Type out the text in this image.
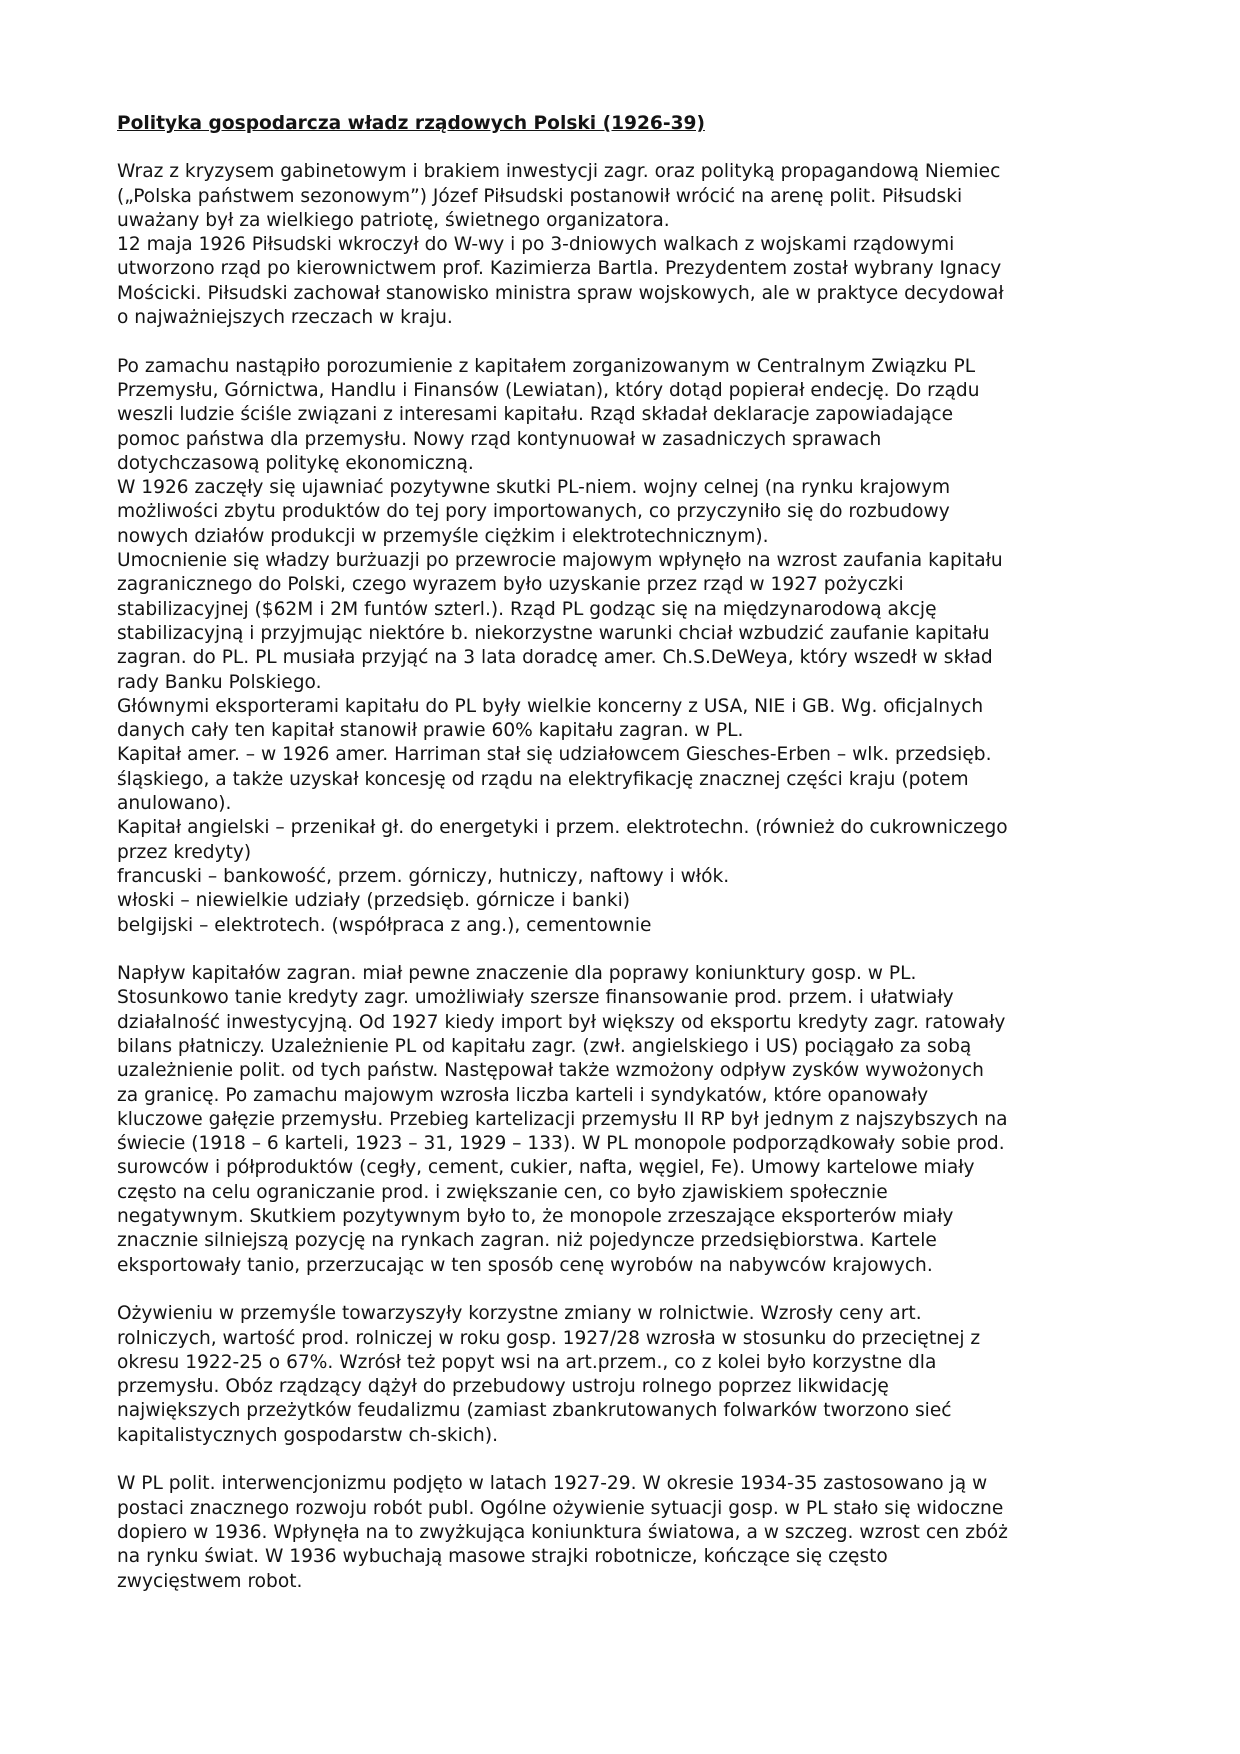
Polityka gospodarcza władz rządowych Polski (1926-39)
Wraz z kryzysem gabinetowym i brakiem inwestycji zagr. oraz polityką propagandową Niemiec
(„Polska państwem sezonowym”) Józef Piłsudski postanowił wrócić na arenę polit. Piłsudski
uważany był za wielkiego patriotę, świetnego organizatora.
12 maja 1926 Piłsudski wkroczył do W-wy i po 3-dniowych walkach z wojskami rządowymi
utworzono rząd po kierownictwem prof. Kazimierza Bartla. Prezydentem został wybrany Ignacy
Mościcki. Piłsudski zachował stanowisko ministra spraw wojskowych, ale w praktyce decydował
o najważniejszych rzeczach w kraju.
Po zamachu nastąpiło porozumienie z kapitałem zorganizowanym w Centralnym Związku PL
Przemysłu, Górnictwa, Handlu i Finansów (Lewiatan), który dotąd popierał endecję. Do rządu
weszli ludzie ściśle związani z interesami kapitału. Rząd składał deklaracje zapowiadające
pomoc państwa dla przemysłu. Nowy rząd kontynuował w zasadniczych sprawach
dotychczasową politykę ekonomiczną.
W 1926 zaczęły się ujawniać pozytywne skutki PL-niem. wojny celnej (na rynku krajowym
możliwości zbytu produktów do tej pory importowanych, co przyczyniło się do rozbudowy
nowych działów produkcji w przemyśle ciężkim i elektrotechnicznym).
Umocnienie się władzy burżuazji po przewrocie majowym wpłynęło na wzrost zaufania kapitału
zagranicznego do Polski, czego wyrazem było uzyskanie przez rząd w 1927 pożyczki
stabilizacyjnej ($62M i 2M funtów szterl.). Rząd PL godząc się na międzynarodową akcję
stabilizacyjną i przyjmując niektóre b. niekorzystne warunki chciał wzbudzić zaufanie kapitału
zagran. do PL. PL musiała przyjąć na 3 lata doradcę amer. Ch.S.DeWeya, który wszedł w skład
rady Banku Polskiego.
Głównymi eksporterami kapitału do PL były wielkie koncerny z USA, NIE i GB. Wg. oficjalnych
danych cały ten kapitał stanowił prawie 60% kapitału zagran. w PL.
Kapitał amer. – w 1926 amer. Harriman stał się udziałowcem Giesches-Erben – wlk. przedsięb.
śląskiego, a także uzyskał koncesję od rządu na elektryfikację znacznej części kraju (potem
anulowano).
Kapitał angielski – przenikał gł. do energetyki i przem. elektrotechn. (również do cukrowniczego
przez kredyty)
francuski – bankowość, przem. górniczy, hutniczy, naftowy i włók.
włoski – niewielkie udziały (przedsięb. górnicze i banki)
belgijski – elektrotech. (współpraca z ang.), cementownie
Napływ kapitałów zagran. miał pewne znaczenie dla poprawy koniunktury gosp. w PL.
Stosunkowo tanie kredyty zagr. umożliwiały szersze finansowanie prod. przem. i ułatwiały
działalność inwestycyjną. Od 1927 kiedy import był większy od eksportu kredyty zagr. ratowały
bilans płatniczy. Uzależnienie PL od kapitału zagr. (zwł. angielskiego i US) pociągało za sobą
uzależnienie polit. od tych państw. Następował także wzmożony odpływ zysków wywożonych
za granicę. Po zamachu majowym wzrosła liczba karteli i syndykatów, które opanowały
kluczowe gałęzie przemysłu. Przebieg kartelizacji przemysłu II RP był jednym z najszybszych na
świecie (1918 – 6 karteli, 1923 – 31, 1929 – 133). W PL monopole podporządkowały sobie prod.
surowców i półproduktów (cegły, cement, cukier, nafta, węgiel, Fe). Umowy kartelowe miały
często na celu ograniczanie prod. i zwiększanie cen, co było zjawiskiem społecznie
negatywnym. Skutkiem pozytywnym było to, że monopole zrzeszające eksporterów miały
znacznie silniejszą pozycję na rynkach zagran. niż pojedyncze przedsiębiorstwa. Kartele
eksportowały tanio, przerzucając w ten sposób cenę wyrobów na nabywców krajowych.
Ożywieniu w przemyśle towarzyszyły korzystne zmiany w rolnictwie. Wzrosły ceny art.
rolniczych, wartość prod. rolniczej w roku gosp. 1927/28 wzrosła w stosunku do przeciętnej z
okresu 1922-25 o 67%. Wzrósł też popyt wsi na art.przem., co z kolei było korzystne dla
przemysłu. Obóz rządzący dążył do przebudowy ustroju rolnego poprzez likwidację
największych przeżytków feudalizmu (zamiast zbankrutowanych folwarków tworzono sieć
kapitalistycznych gospodarstw ch-skich).
W PL polit. interwencjonizmu podjęto w latach 1927-29. W okresie 1934-35 zastosowano ją w
postaci znacznego rozwoju robót publ. Ogólne ożywienie sytuacji gosp. w PL stało się widoczne
dopiero w 1936. Wpłynęła na to zwyżkująca koniunktura światowa, a w szczeg. wzrost cen zbóż
na rynku świat. W 1936 wybuchają masowe strajki robotnicze, kończące się często
zwycięstwem robot.
